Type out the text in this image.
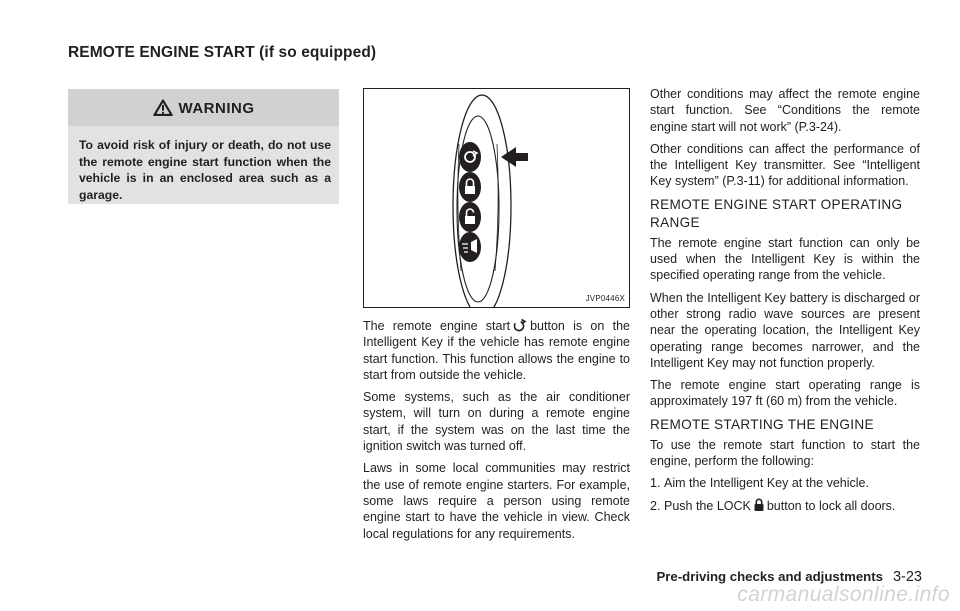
REMOTE ENGINE START (if so equipped)
WARNING
To avoid risk of injury or death, do not use the remote engine start function when the vehicle is in an enclosed area such as a garage.
JVP0446X

The remote engine start button is on the Intelligent Key if the vehicle has remote engine start function. This function allows the engine to start from outside the vehicle.

Some systems, such as the air conditioner system, will turn on during a remote engine start, if the system was on the last time the ignition switch was turned off.

Laws in some local communities may restrict the use of remote engine starters. For example, some laws require a person using remote engine start to have the vehicle in view. Check local regulations for any requirements.

Other conditions may affect the remote engine start function. See “Conditions the remote engine start will not work” (P.3-24).

Other conditions can affect the performance of the Intelligent Key transmitter. See “Intelligent Key system” (P.3-11) for additional information.

REMOTE ENGINE START OPERATING RANGE

The remote engine start function can only be used when the Intelligent Key is within the specified operating range from the vehicle.

When the Intelligent Key battery is discharged or other strong radio wave sources are present near the operating location, the Intelligent Key operating range becomes narrower, and the Intelligent Key may not function properly.

The remote engine start operating range is approximately 197 ft (60 m) from the vehicle.

REMOTE STARTING THE ENGINE

To use the remote start function to start the engine, perform the following:

1. Aim the Intelligent Key at the vehicle.
2. Push the LOCK button to lock all doors.
Pre-driving checks and adjustments 3-23
carmanualsonline.info
